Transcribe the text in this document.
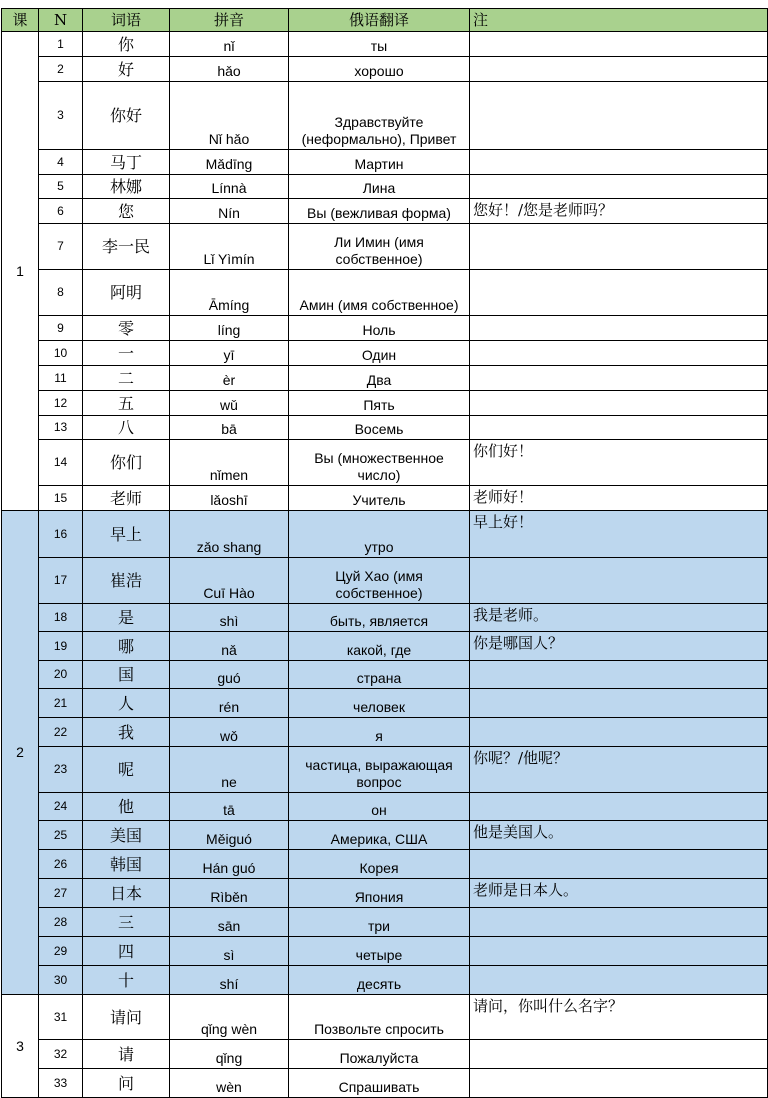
课	N	词语	拼音	俄语翻译	注
1	1	你	nǐ	ты	
	2	好	hǎo	хорошо	
	3	你好	Nǐ hǎo	Здравствуйте (неформально), Привет	
	4	马丁	Mǎdīng	Мартин	
	5	林娜	Línnà	Лина	
	6	您	Nín	Вы (вежливая форма)	您好！/您是老师吗？
	7	李一民	Lǐ Yìmín	Ли Имин (имя собственное)	
	8	阿明	Āmíng	Амин (имя собственное)	
	9	零	líng	Ноль	
	10	一	yī	Один	
	11	二	èr	Два	
	12	五	wǔ	Пять	
	13	八	bā	Восемь	
	14	你们	nǐmen	Вы (множественное число)	你们好！
	15	老师	lǎoshī	Учитель	老师好！
2	16	早上	zǎo shang	утро	早上好！
	17	崔浩	Cuī Hào	Цуй Хао (имя собственное)	
	18	是	shì	быть, является	我是老师。
	19	哪	nǎ	какой, где	你是哪国人？
	20	国	guó	страна	
	21	人	rén	человек	
	22	我	wǒ	я	
	23	呢	ne	частица, выражающая вопрос	你呢？/他呢？
	24	他	tā	он	
	25	美国	Měiguó	Америка, США	他是美国人。
	26	韩国	Hán guó	Корея	
	27	日本	Rìběn	Япония	老师是日本人。
	28	三	sān	три	
	29	四	sì	четыре	
	30	十	shí	десять	
3	31	请问	qǐng wèn	Позвольте спросить	请问，你叫什么名字？
	32	请	qǐng	Пожалуйста	
	33	问	wèn	Спрашивать	
